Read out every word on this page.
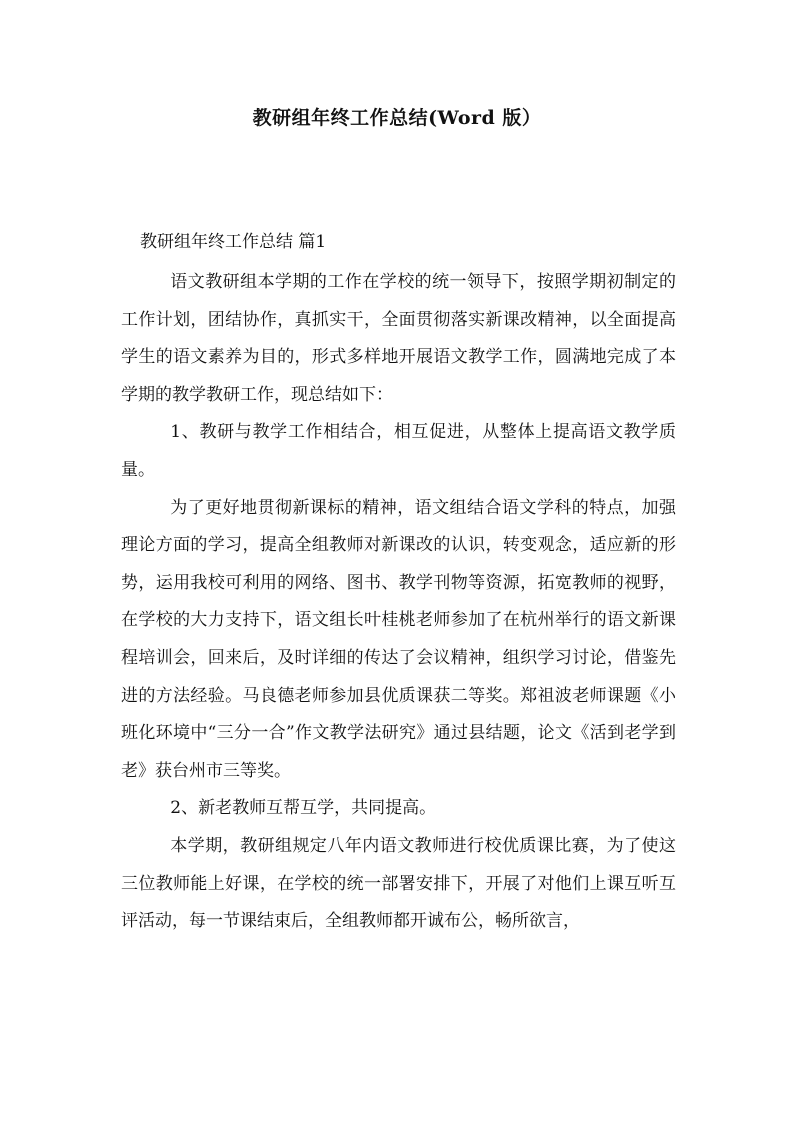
教研组年终工作总结(Word 版）
教研组年终工作总结 篇1

语文教研组本学期的工作在学校的统一领导下，按照学期初制定的工作计划，团结协作，真抓实干，全面贯彻落实新课改精神，以全面提高学生的语文素养为目的，形式多样地开展语文教学工作，圆满地完成了本学期的教学教研工作，现总结如下：

1、教研与教学工作相结合，相互促进，从整体上提高语文教学质量。

为了更好地贯彻新课标的精神，语文组结合语文学科的特点，加强理论方面的学习，提高全组教师对新课改的认识，转变观念，适应新的形势，运用我校可利用的网络、图书、教学刊物等资源，拓宽教师的视野，在学校的大力支持下，语文组长叶桂桃老师参加了在杭州举行的语文新课程培训会，回来后，及时详细的传达了会议精神，组织学习讨论，借鉴先进的方法经验。马良德老师参加县优质课获二等奖。郑祖波老师课题《小班化环境中“三分一合”作文教学法研究》通过县结题，论文《活到老学到老》获台州市三等奖。

2、新老教师互帮互学，共同提高。

本学期，教研组规定八年内语文教师进行校优质课比赛，为了使这三位教师能上好课，在学校的统一部署安排下，开展了对他们上课互听互评活动，每一节课结束后，全组教师都开诚布公，畅所欲言，
